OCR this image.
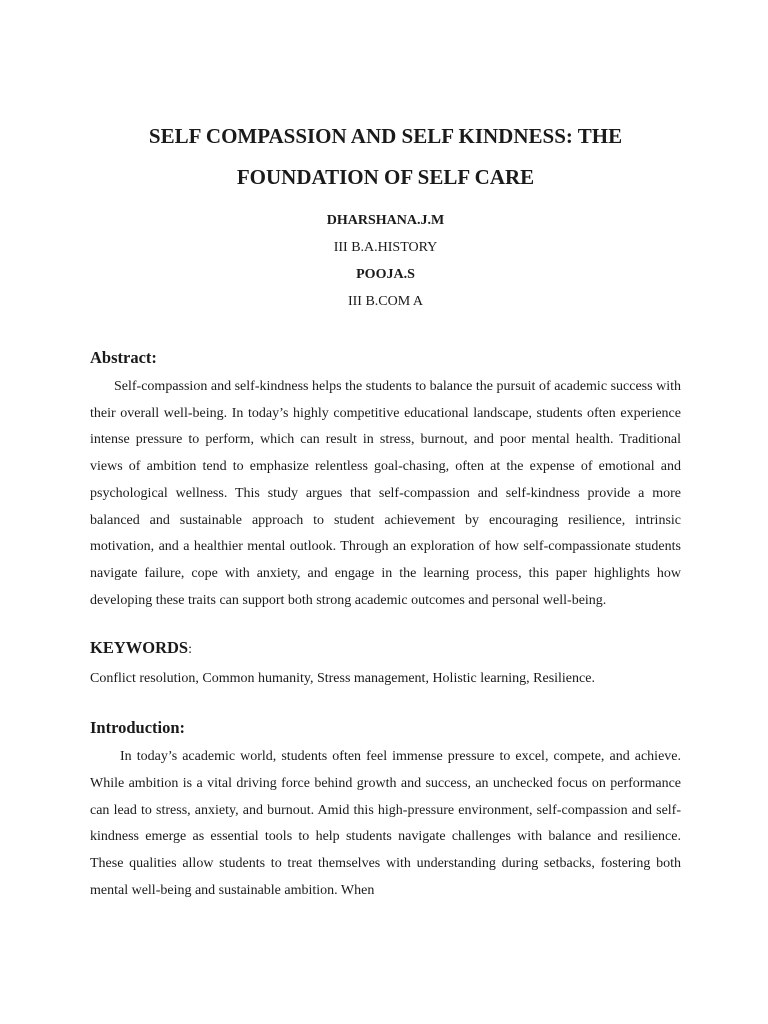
SELF COMPASSION AND SELF KINDNESS: THE
FOUNDATION OF SELF CARE

DHARSHANA.J.M

III B.A.HISTORY

POOJA.S

III B.COM A

Abstract:

Self-compassion and self-kindness helps the students to balance the pursuit of academic success with their overall well-being. In today’s highly competitive educational landscape, students often experience intense pressure to perform, which can result in stress, burnout, and poor mental health. Traditional views of ambition tend to emphasize relentless goal-chasing, often at the expense of emotional and psychological wellness. This study argues that self-compassion and self-kindness provide a more balanced and sustainable approach to student achievement by encouraging resilience, intrinsic motivation, and a healthier mental outlook. Through an exploration of how self-compassionate students navigate failure, cope with anxiety, and engage in the learning process, this paper highlights how developing these traits can support both strong academic outcomes and personal well-being.

KEYWORDS:

Conflict resolution, Common humanity, Stress management, Holistic learning, Resilience.

Introduction:

In today’s academic world, students often feel immense pressure to excel, compete, and achieve. While ambition is a vital driving force behind growth and success, an unchecked focus on performance can lead to stress, anxiety, and burnout. Amid this high-pressure environment, self-compassion and self-kindness emerge as essential tools to help students navigate challenges with balance and resilience. These qualities allow students to treat themselves with understanding during setbacks, fostering both mental well-being and sustainable ambition. When
